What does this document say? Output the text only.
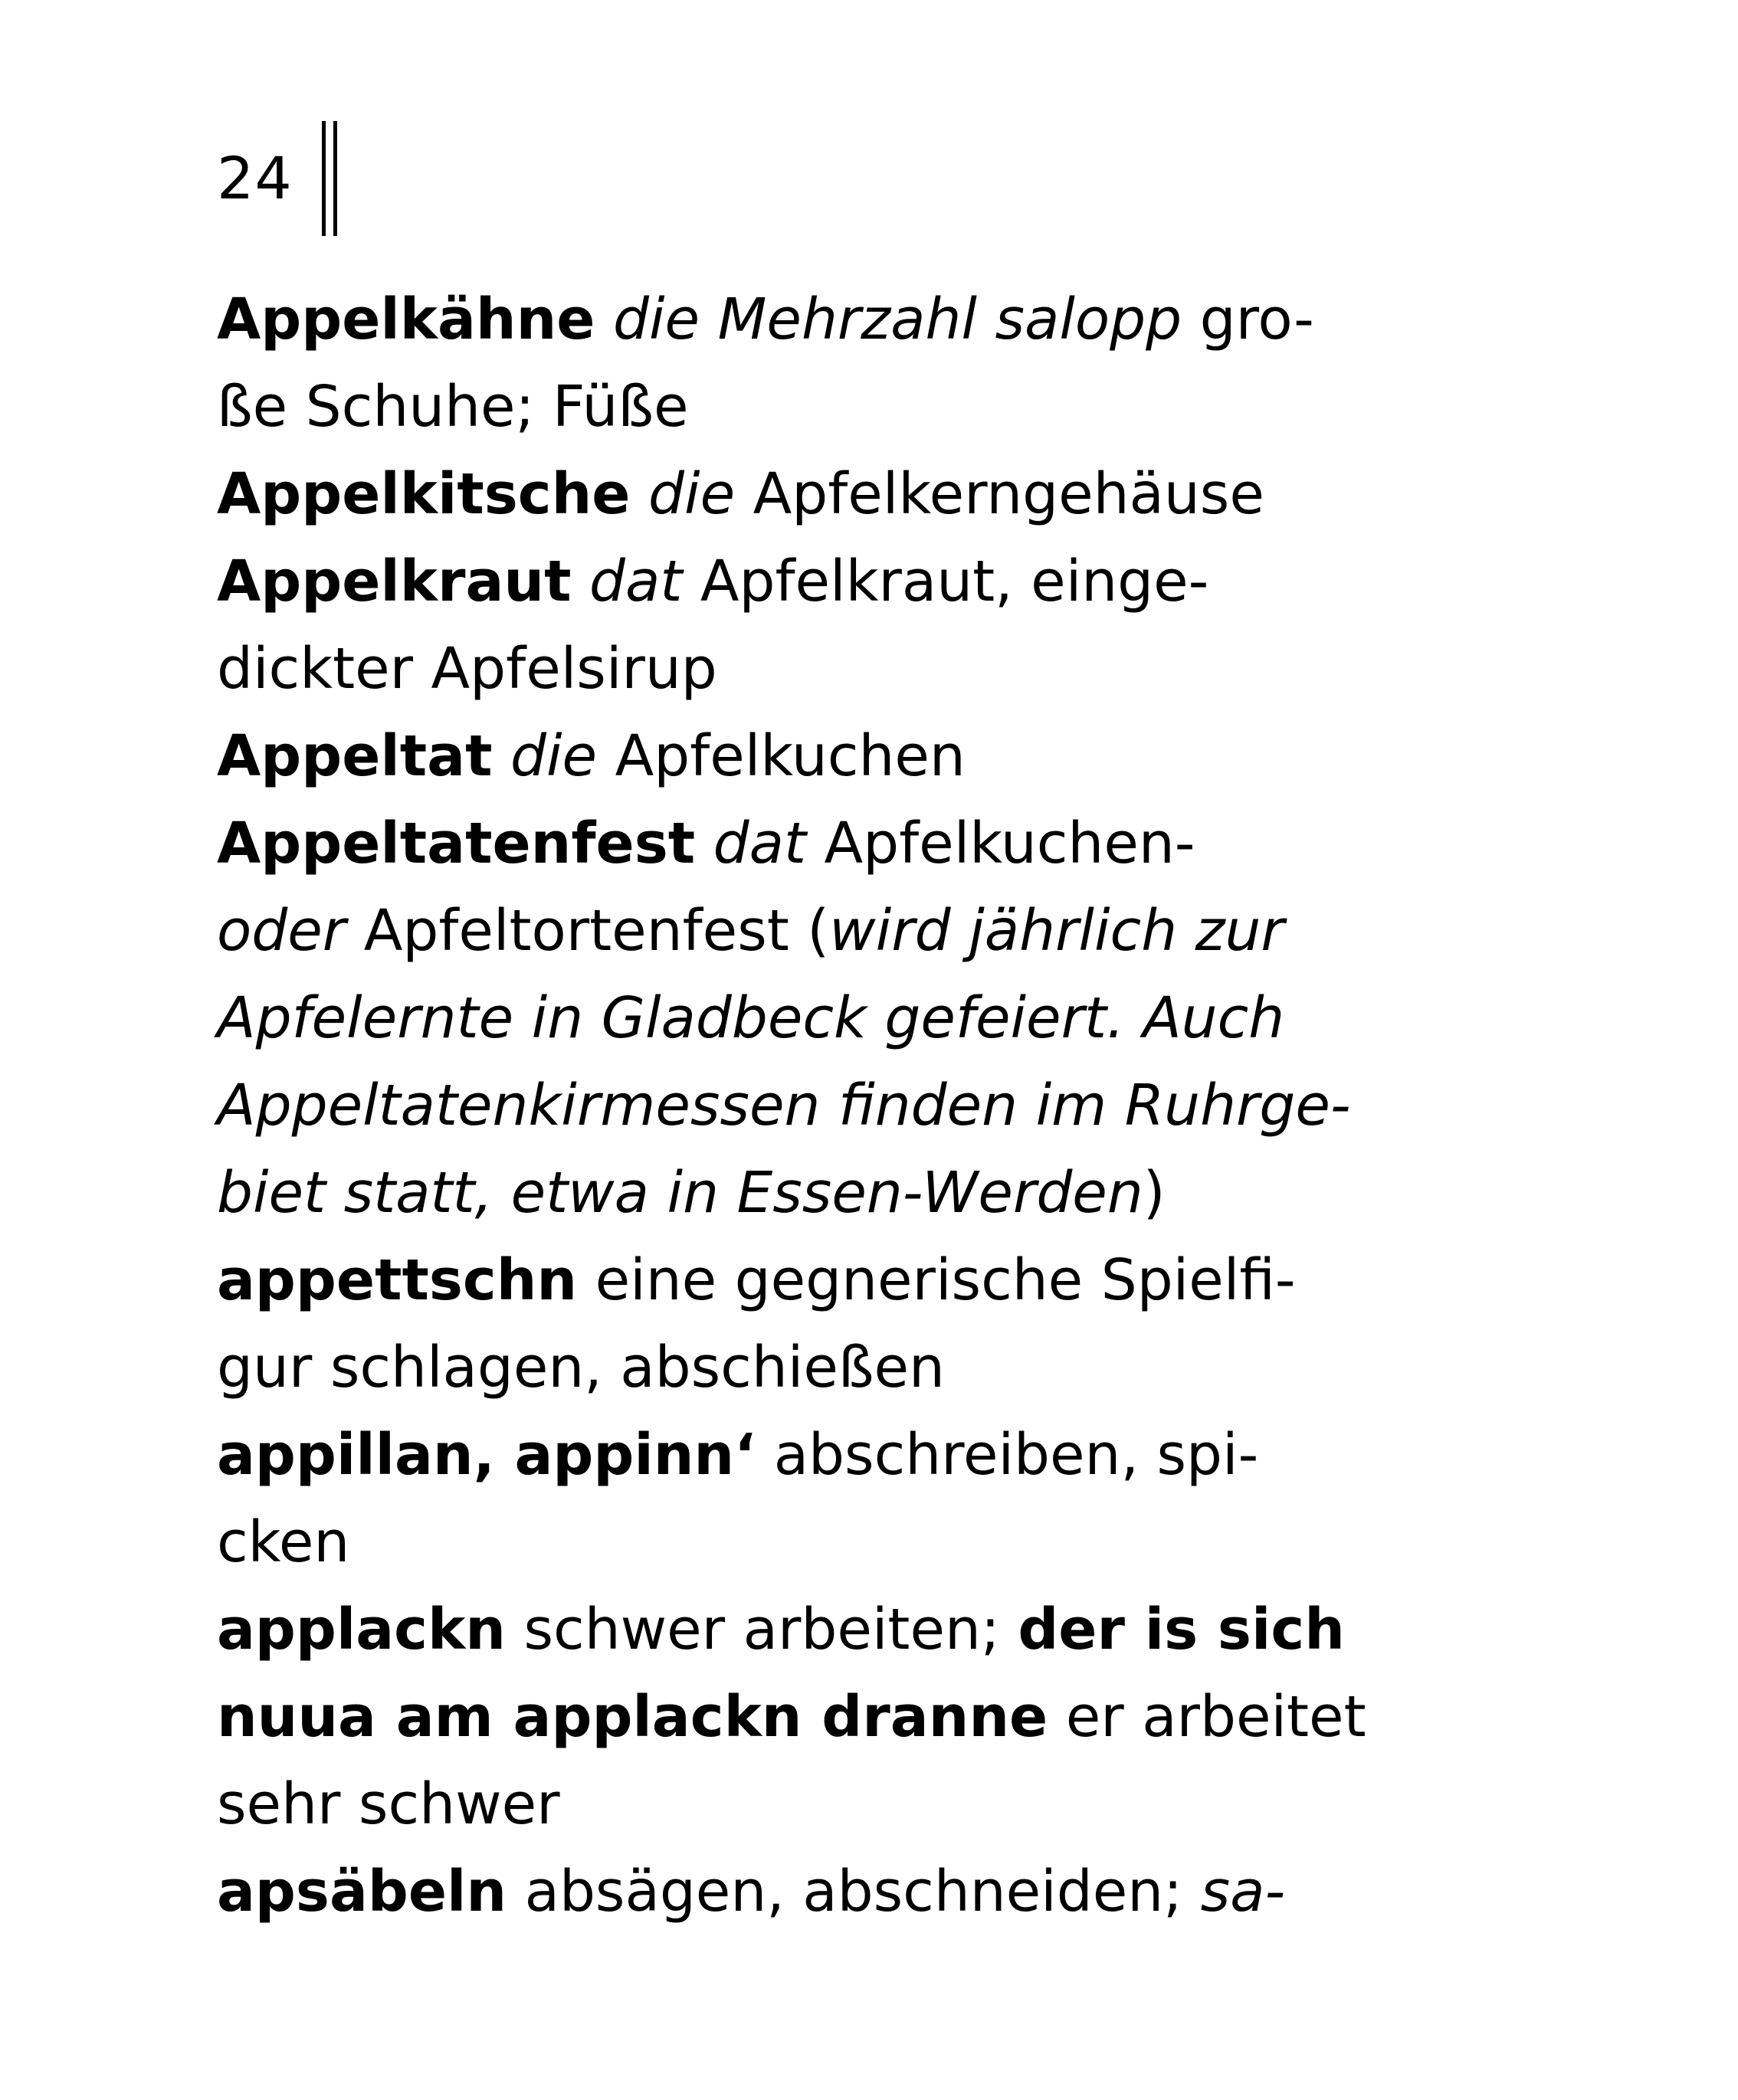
24
Appelkähne die Mehrzahl salopp gro-
ße Schuhe; Füße
Appelkitsche die Apfelkerngehäuse
Appelkraut dat Apfelkraut, einge-
dickter Apfelsirup
Appeltat die Apfelkuchen
Appeltatenfest dat Apfelkuchen-
oder Apfeltortenfest (wird jährlich zur
Apfelernte in Gladbeck gefeiert. Auch
Appeltatenkirmessen finden im Ruhrge-
biet statt, etwa in Essen-Werden)
appettschn eine gegnerische Spielfi-
gur schlagen, abschießen
appillan, appinn‘ abschreiben, spi-
cken
applackn schwer arbeiten; der is sich
nuua am applackn dranne er arbeitet
sehr schwer
apsäbeln absägen, abschneiden; sa-
